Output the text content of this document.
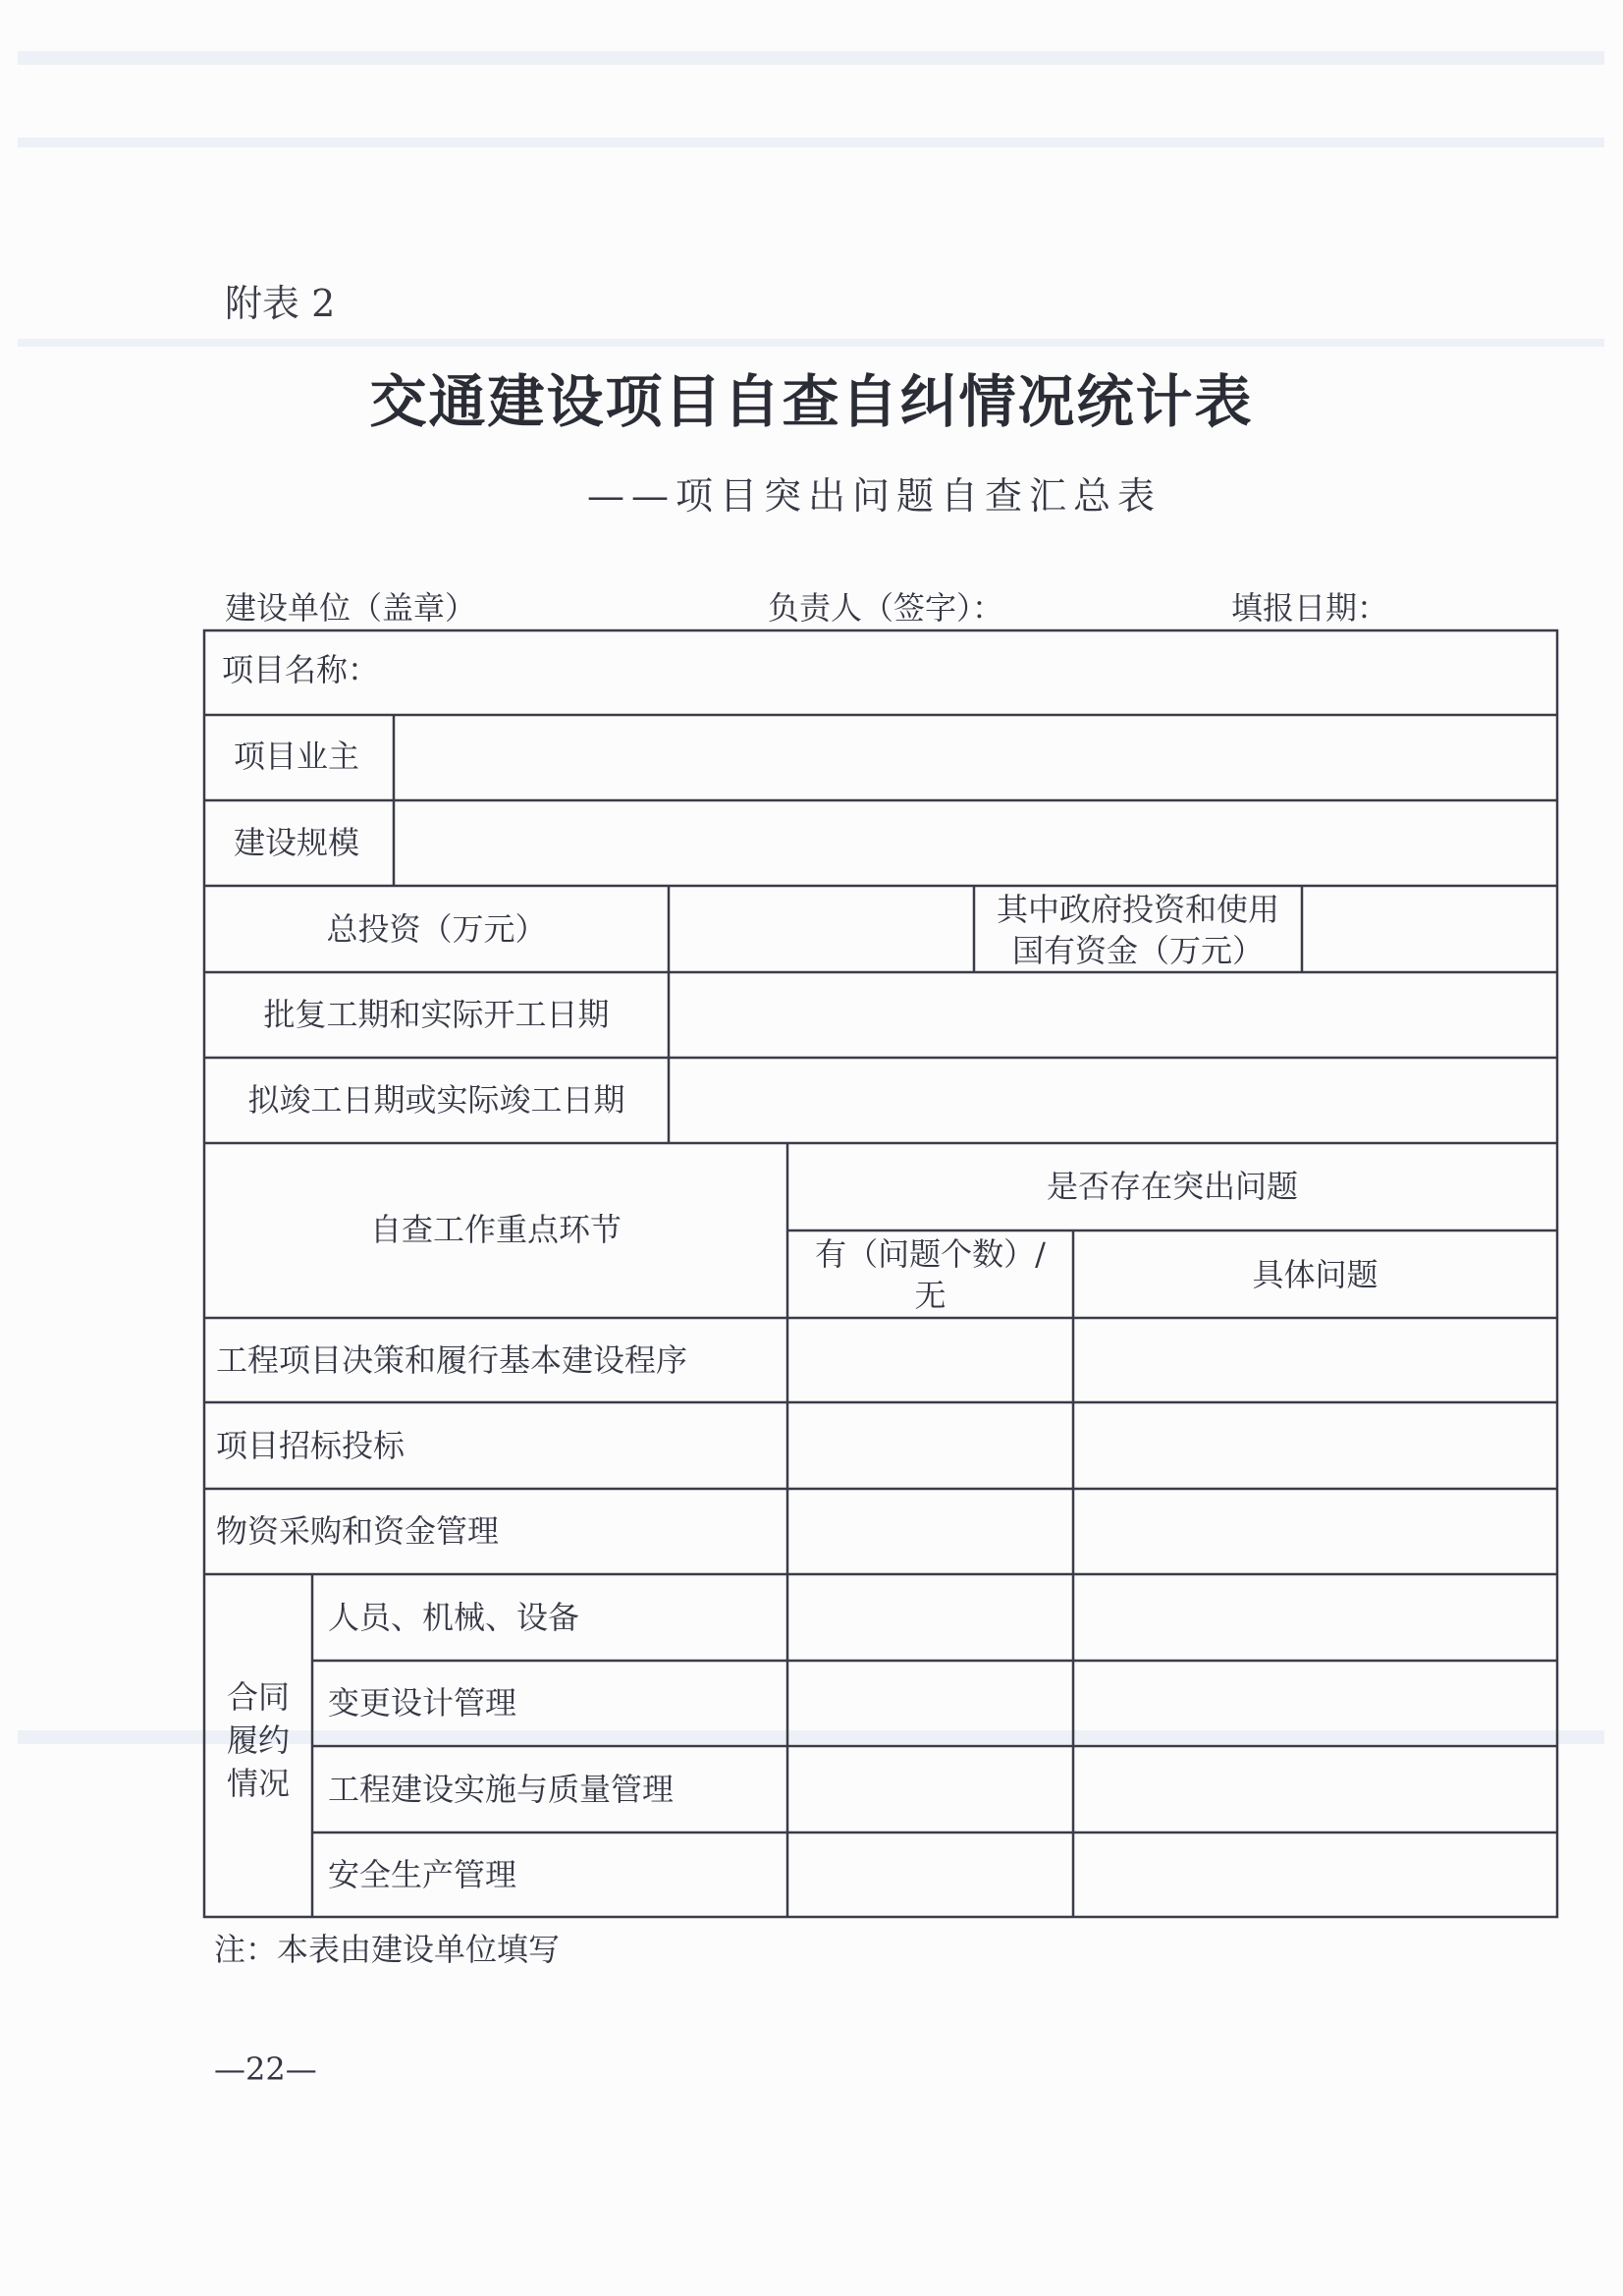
附表 2
交通建设项目自查自纠情况统计表
——项目突出问题自查汇总表
建设单位（盖章）	负责人（签字）：	填报日期：
项目名称：
项目业主
建设规模
总投资（万元）
其中政府投资和使用
国有资金（万元）
批复工期和实际开工日期
拟竣工日期或实际竣工日期
自查工作重点环节
是否存在突出问题
有（问题个数）/
无
具体问题
工程项目决策和履行基本建设程序
项目招标投标
物资采购和资金管理
合同
履约
情况
人员、机械、设备
变更设计管理
工程建设实施与质量管理
安全生产管理
注：本表由建设单位填写
—22—
